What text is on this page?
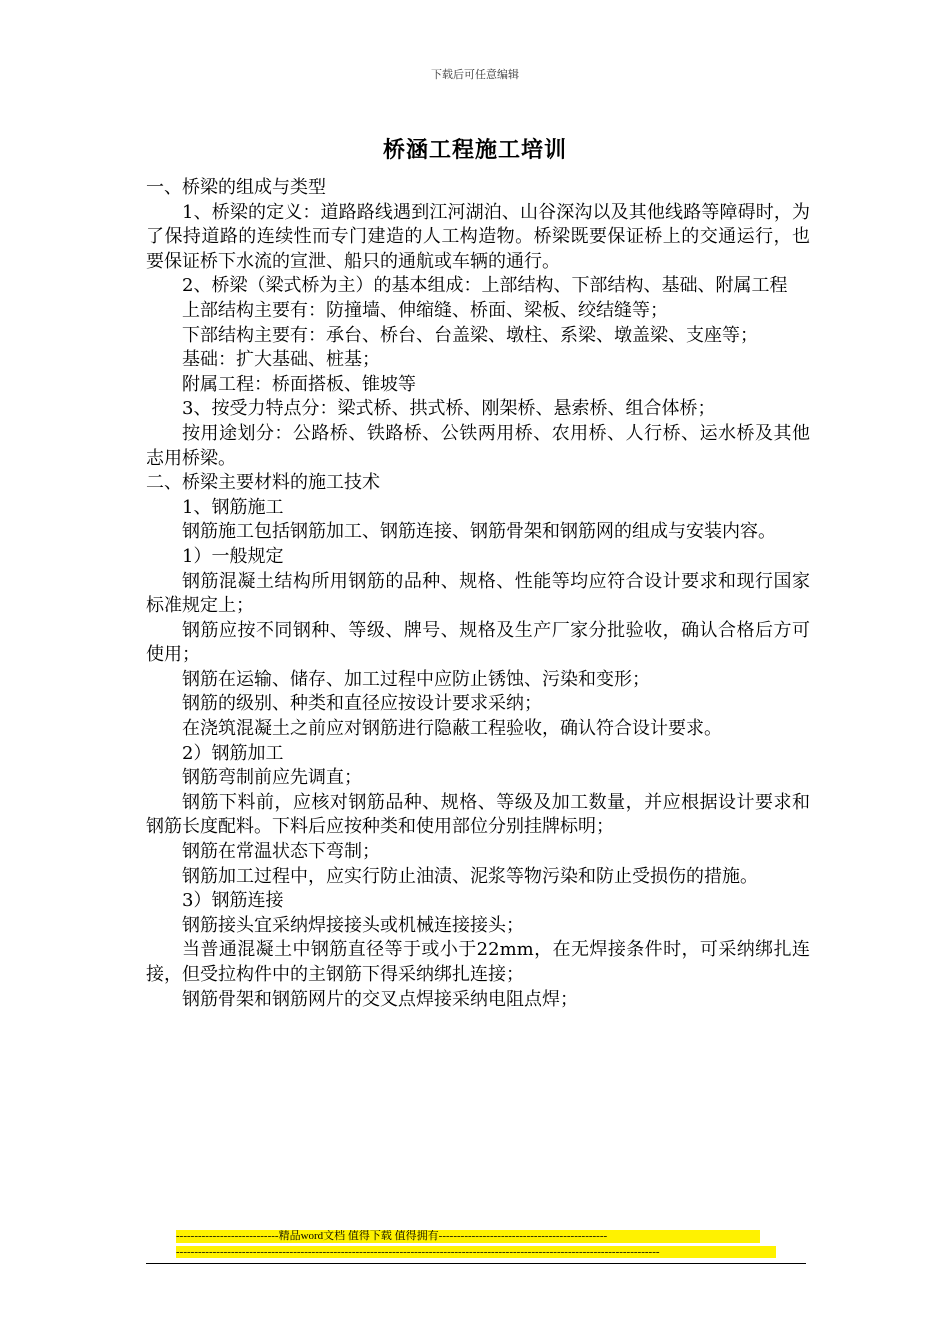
下载后可任意编辑
桥涵工程施工培训

一、桥梁的组成与类型

1、桥梁的定义：道路路线遇到江河湖泊、山谷深沟以及其他线路等障碍时，为了保持道路的连续性而专门建造的人工构造物。桥梁既要保证桥上的交通运行，也要保证桥下水流的宣泄、船只的通航或车辆的通行。

2、桥梁（梁式桥为主）的基本组成：上部结构、下部结构、基础、附属工程

上部结构主要有：防撞墙、伸缩缝、桥面、梁板、绞结缝等；

下部结构主要有：承台、桥台、台盖梁、墩柱、系梁、墩盖梁、支座等；

基础：扩大基础、桩基；

附属工程：桥面搭板、锥坡等

3、按受力特点分：梁式桥、拱式桥、刚架桥、悬索桥、组合体桥；

按用途划分：公路桥、铁路桥、公铁两用桥、农用桥、人行桥、运水桥及其他志用桥梁。

二、桥梁主要材料的施工技术

1、钢筋施工

钢筋施工包括钢筋加工、钢筋连接、钢筋骨架和钢筋网的组成与安装内容。

1）一般规定

钢筋混凝土结构所用钢筋的品种、规格、性能等均应符合设计要求和现行国家标准规定上；

钢筋应按不同钢种、等级、牌号、规格及生产厂家分批验收，确认合格后方可使用；

钢筋在运输、储存、加工过程中应防止锈蚀、污染和变形；

钢筋的级别、种类和直径应按设计要求采纳；

在浇筑混凝土之前应对钢筋进行隐蔽工程验收，确认符合设计要求。

2）钢筋加工

钢筋弯制前应先调直；

钢筋下料前，应核对钢筋品种、规格、等级及加工数量，并应根据设计要求和钢筋长度配料。下料后应按种类和使用部位分别挂牌标明；

钢筋在常温状态下弯制；

钢筋加工过程中，应实行防止油渍、泥浆等物污染和防止受损伤的措施。

3）钢筋连接

钢筋接头宜采纳焊接接头或机械连接接头；

当普通混凝土中钢筋直径等于或小于22mm，在无焊接条件时，可采纳绑扎连接，但受拉构件中的主钢筋下得采纳绑扎连接；

钢筋骨架和钢筋网片的交叉点焊接采纳电阻点焊；

----------------------------精品word文档 值得下载 值得拥有----------------------------------------------
------------------------------------------------------------------------------------------------------------------------------------
